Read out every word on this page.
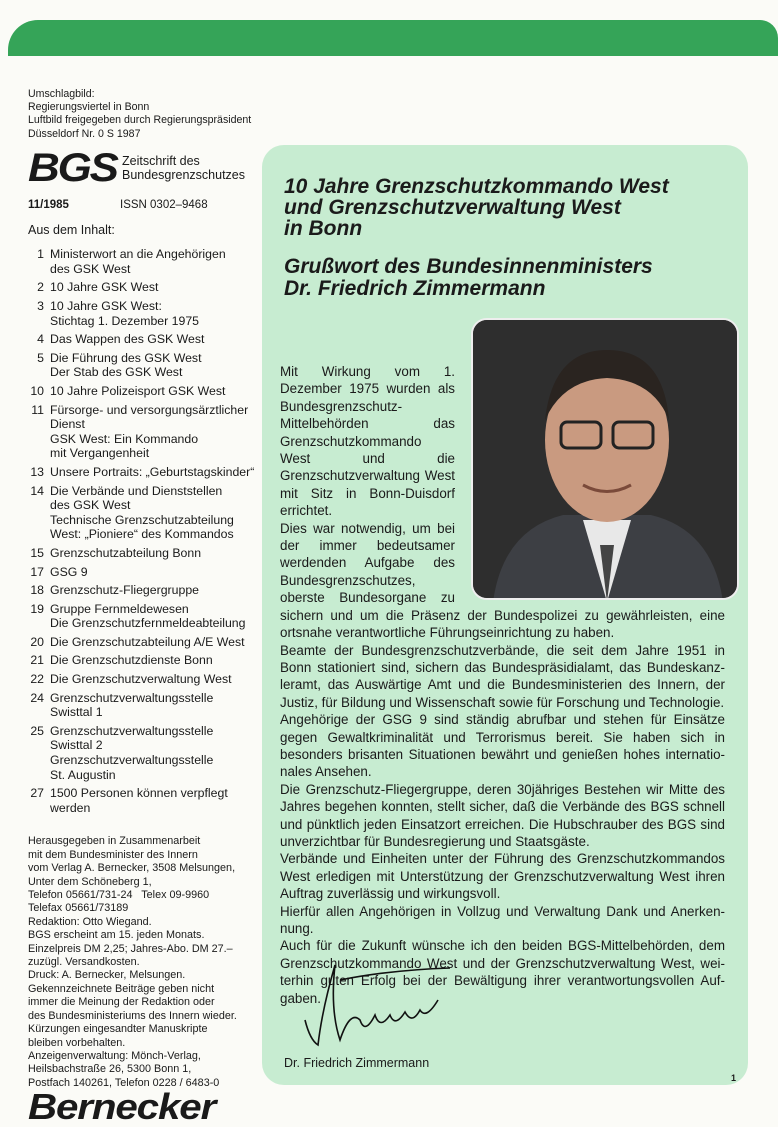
Umschlagbild:
Regierungsviertel in Bonn
Luftbild freigegeben durch Regierungspräsident
Düsseldorf Nr. 0 S 1987
BGS Zeitschrift des
Bundesgrenzschutzes
11/1985	ISSN 0302–9468
Aus dem Inhalt:
1 Ministerwort an die Angehörigen
des GSK West
2 10 Jahre GSK West
3 10 Jahre GSK West:
Stichtag 1. Dezember 1975
4 Das Wappen des GSK West
5 Die Führung des GSK West
Der Stab des GSK West
10 10 Jahre Polizeisport GSK West
11 Fürsorge- und versorgungsärztlicher
Dienst
GSK West: Ein Kommando
mit Vergangenheit
13 Unsere Portraits: „Geburtstagskinder“
14 Die Verbände und Dienststellen
des GSK West
Technische Grenzschutzabteilung
West: „Pioniere“ des Kommandos
15 Grenzschutzabteilung Bonn
17 GSG 9
18 Grenzschutz-Fliegergruppe
19 Gruppe Fernmeldewesen
Die Grenzschutzfernmeldeabteilung
20 Die Grenzschutzabteilung A/E West
21 Die Grenzschutzdienste Bonn
22 Die Grenzschutzverwaltung West
24 Grenzschutzverwaltungsstelle
Swisttal 1
25 Grenzschutzverwaltungsstelle
Swisttal 2
Grenzschutzverwaltungsstelle
St. Augustin
27 1500 Personen können verpflegt
werden
Herausgegeben in Zusammenarbeit
mit dem Bundesminister des Innern
vom Verlag A. Bernecker, 3508 Melsungen,
Unter dem Schöneberg 1,
Telefon 05661/731-24   Telex 09-9960
Telefax 05661/73189
Redaktion: Otto Wiegand.
BGS erscheint am 15. jeden Monats.
Einzelpreis DM 2,25; Jahres-Abo. DM 27.–
zuzügl. Versandkosten.
Druck: A. Bernecker, Melsungen.
Gekennzeichnete Beiträge geben nicht
immer die Meinung der Redaktion oder
des Bundesministeriums des Innern wieder.
Kürzungen eingesandter Manuskripte
bleiben vorbehalten.
Anzeigenverwaltung: Mönch-Verlag,
Heilsbachstraße 26, 5300 Bonn 1,
Postfach 140261, Telefon 0228 / 6483-0
Bernecker
10 Jahre Grenzschutzkommando West
und Grenzschutzverwaltung West
in Bonn
Grußwort des Bundesinnenministers
Dr. Friedrich Zimmermann

Mit Wirkung vom 1. Dezember 1975 wurden als Bundesgrenzschutz-Mittelbehörden das Grenzschutzkommando West und die Grenzschutzverwaltung West mit Sitz in Bonn-Duisdorf errichtet.

Dies war notwendig, um bei der immer bedeutsamer werdenden Aufgabe des Bundesgrenzschutzes, oberste Bundesorgane zu sichern und um die Präsenz der Bundespolizei zu gewährleisten, eine ortsnahe verantwortliche Führungseinrichtung zu haben.

Beamte der Bundesgrenzschutzverbände, die seit dem Jahre 1951 in Bonn stationiert sind, sichern das Bundespräsidialamt, das Bundeskanzleramt, das Auswärtige Amt und die Bundesministerien des Innern, der Justiz, für Bildung und Wissenschaft sowie für Forschung und Technologie.

Angehörige der GSG 9 sind ständig abrufbar und stehen für Einsätze gegen Gewaltkriminalität und Terrorismus bereit. Sie haben sich in besonders brisanten Situationen bewährt und genießen hohes internationales Ansehen.

Die Grenzschutz-Fliegergruppe, deren 30jähriges Bestehen wir Mitte des Jahres begehen konnten, stellt sicher, daß die Verbände des BGS schnell und pünktlich jeden Einsatzort erreichen. Die Hubschrauber des BGS sind unverzichtbar für Bundesregierung und Staatsgäste.

Verbände und Einheiten unter der Führung des Grenzschutzkommandos West erledigen mit Unterstützung der Grenzschutzverwaltung West ihren Auftrag zuverlässig und wirkungsvoll.

Hierfür allen Angehörigen in Vollzug und Verwaltung Dank und Anerkennung.

Auch für die Zukunft wünsche ich den beiden BGS-Mittelbehörden, dem Grenzschutzkommando West und der Grenzschutzverwaltung West, weiterhin guten Erfolg bei der Bewältigung ihrer verantwortungsvollen Aufgaben.

Dr. Friedrich Zimmermann
1
